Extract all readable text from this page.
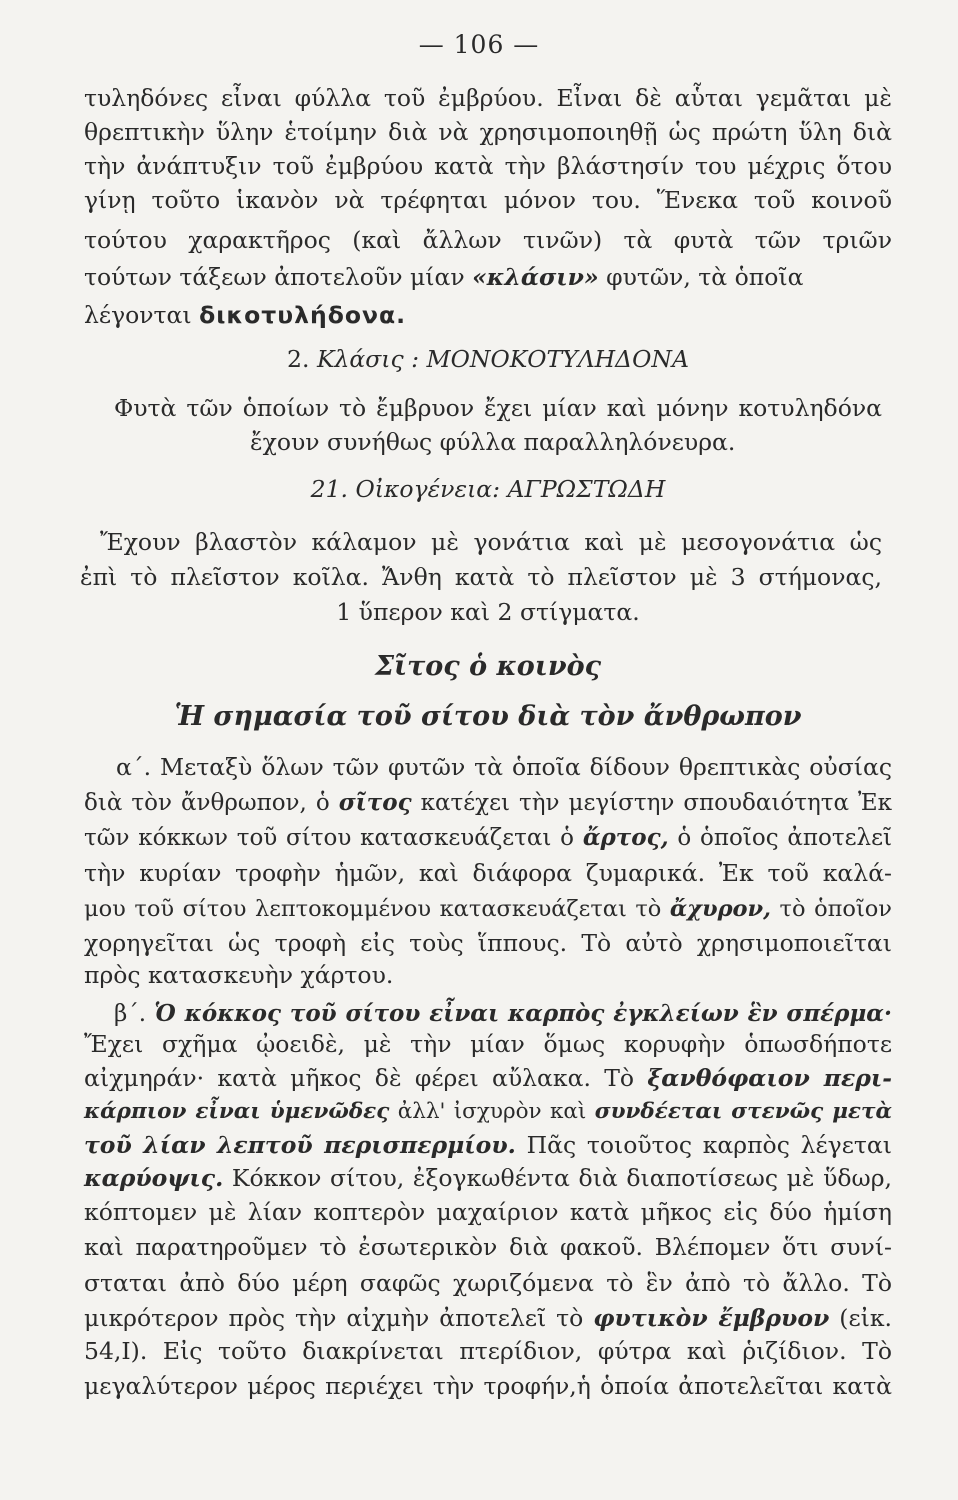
— 106 —
τυληδόνες εἶναι φύλλα τοῦ ἐμβρύου. Εἶναι δὲ αὗται γεμᾶται μὲ
θρεπτικὴν ὕλην ἑτοίμην διὰ νὰ χρησιμοποιηθῇ ὡς πρώτη ὕλη διὰ
τὴν ἀνάπτυξιν τοῦ ἐμβρύου κατὰ τὴν βλάστησίν του μέχρις ὅτου
γίνῃ τοῦτο ἱκανὸν νὰ τρέφηται μόνον του. Ἕνεκα τοῦ κοινοῦ
τούτου χαρακτῆρος (καὶ ἄλλων τινῶν) τὰ φυτὰ τῶν τριῶν
τούτων τάξεων ἀποτελοῦν μίαν «κλάσιν» φυτῶν, τὰ ὁποῖα
λέγονται δικοτυλήδονα.
2. Κλάσις : ΜΟΝΟΚΟΤΥΛΗΔΟΝΑ
Φυτὰ τῶν ὁποίων τὸ ἔμβρυον ἔχει μίαν καὶ μόνην κοτυληδόνα
ἔχουν συνήθως φύλλα παραλληλόνευρα.
21. Οἰκογένεια: ΑΓΡΩΣΤΩΔΗ
Ἔχουν βλαστὸν κάλαμον μὲ γονάτια καὶ μὲ μεσογονάτια ὡς
ἐπὶ τὸ πλεῖστον κοῖλα. Ἄνθη κατὰ τὸ πλεῖστον μὲ 3 στήμονας,
1 ὕπερον καὶ 2 στίγματα.
Σῖτος ὁ κοινὸς
Ἡ σημασία τοῦ σίτου διὰ τὸν ἄνθρωπον
α΄. Μεταξὺ ὅλων τῶν φυτῶν τὰ ὁποῖα δίδουν θρεπτικὰς οὐσίας
διὰ τὸν ἄνθρωπον, ὁ σῖτος κατέχει τὴν μεγίστην σπουδαιότητα Ἐκ
τῶν κόκκων τοῦ σίτου κατασκευάζεται ὁ ἄρτος, ὁ ὁποῖος ἀποτελεῖ
τὴν κυρίαν τροφὴν ἡμῶν, καὶ διάφορα ζυμαρικά. Ἐκ τοῦ καλά-
μου τοῦ σίτου λεπτοκομμένου κατασκευάζεται τὸ ἄχυρον, τὸ ὁποῖον
χορηγεῖται ὡς τροφὴ εἰς τοὺς ἵππους. Τὸ αὐτὸ χρησιμοποιεῖται
πρὸς κατασκευὴν χάρτου.
β΄. Ὁ κόκκος τοῦ σίτου εἶναι καρπὸς ἐγκλείων ἓν σπέρμα·
Ἔχει σχῆμα ᾠοειδὲ, μὲ τὴν μίαν ὅμως κορυφὴν ὁπωσδήποτε
αἰχμηράν· κατὰ μῆκος δὲ φέρει αὔλακα. Τὸ ξανθόφαιον περι-
κάρπιον εἶναι ὑμενῶδες ἀλλ' ἰσχυρὸν καὶ συνδέεται στενῶς μετὰ
τοῦ λίαν λεπτοῦ περισπερμίου. Πᾶς τοιοῦτος καρπὸς λέγεται
καρύοψις. Κόκκον σίτου, ἐξογκωθέντα διὰ διαποτίσεως μὲ ὕδωρ,
κόπτομεν μὲ λίαν κοπτερὸν μαχαίριον κατὰ μῆκος εἰς δύο ἡμίση
καὶ παρατηροῦμεν τὸ ἐσωτερικὸν διὰ φακοῦ. Βλέπομεν ὅτι συνί-
σταται ἀπὸ δύο μέρη σαφῶς χωριζόμενα τὸ ἓν ἀπὸ τὸ ἄλλο. Τὸ
μικρότερον πρὸς τὴν αἰχμὴν ἀποτελεῖ τὸ φυτικὸν ἔμβρυον (εἰκ.
54,I). Εἰς τοῦτο διακρίνεται πτερίδιον, φύτρα καὶ ῥιζίδιον. Τὸ
μεγαλύτερον μέρος περιέχει τὴν τροφήν,ἡ ὁποία ἀποτελεῖται κατὰ
